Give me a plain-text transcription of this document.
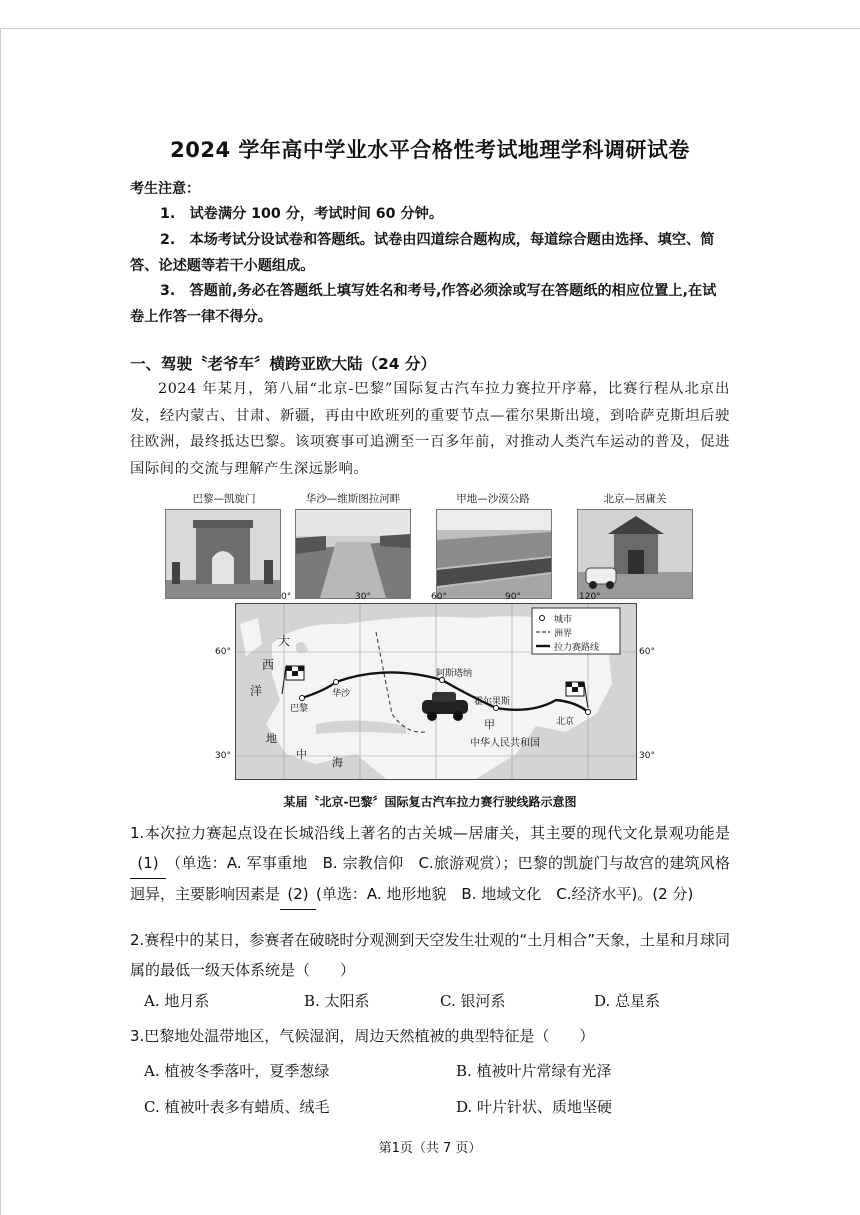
2024 学年高中学业水平合格性考试地理学科调研试卷
考生注意：
1.　试卷满分 100 分，考试时间 60 分钟。
2.　本场考试分设试卷和答题纸。试卷由四道综合题构成，每道综合题由选择、填空、简答、论述题等若干小题组成。
3.　答题前,务必在答题纸上填写姓名和考号,作答必须涂或写在答题纸的相应位置上,在试卷上作答一律不得分。
一、驾驶〝老爷车〞横跨亚欧大陆（24 分）
2024 年某月，第八届“北京-巴黎”国际复古汽车拉力赛拉开序幕，比赛行程从北京出发，经内蒙古、甘肃、新疆，再由中欧班列的重要节点—霍尔果斯出境，到哈萨克斯坦后驶往欧洲，最终抵达巴黎。该项赛事可追溯至一百多年前，对推动人类汽车运动的普及，促进国际间的交流与理解产生深远影响。
巴黎—凯旋门	华沙—维斯图拉河畔	甲地—沙漠公路	北京—居庸关
城市
洲界
拉力赛路线
大
西
洋
地
中
海
巴黎
华沙
阿斯塔纳
霍尔果斯
北京
甲
中华人民共和国
0°	30°	60°	90°	120°
60°
30°
60°
30°
某届〝北京-巴黎〞国际复古汽车拉力赛行驶线路示意图
1.本次拉力赛起点设在长城沿线上著名的古关城—居庸关，其主要的现代文化景观功能是(1) （单选：A. 军事重地　B. 宗教信仰　C.旅游观赏）；巴黎的凯旋门与故宫的建筑风格迥异，主要影响因素是 (2) (单选：A. 地形地貌　B. 地域文化　C.经济水平)。(2 分)
2.赛程中的某日，参赛者在破晓时分观测到天空发生壮观的“土月相合”天象，土星和月球同属的最低一级天体系统是（　　）
A. 地月系	B. 太阳系	C. 银河系	D. 总星系
3.巴黎地处温带地区，气候湿润，周边天然植被的典型特征是（　　）
A. 植被冬季落叶，夏季葱绿	B. 植被叶片常绿有光泽
C. 植被叶表多有蜡质、绒毛	D. 叶片针状、质地坚硬
第1页（共 7 页）
